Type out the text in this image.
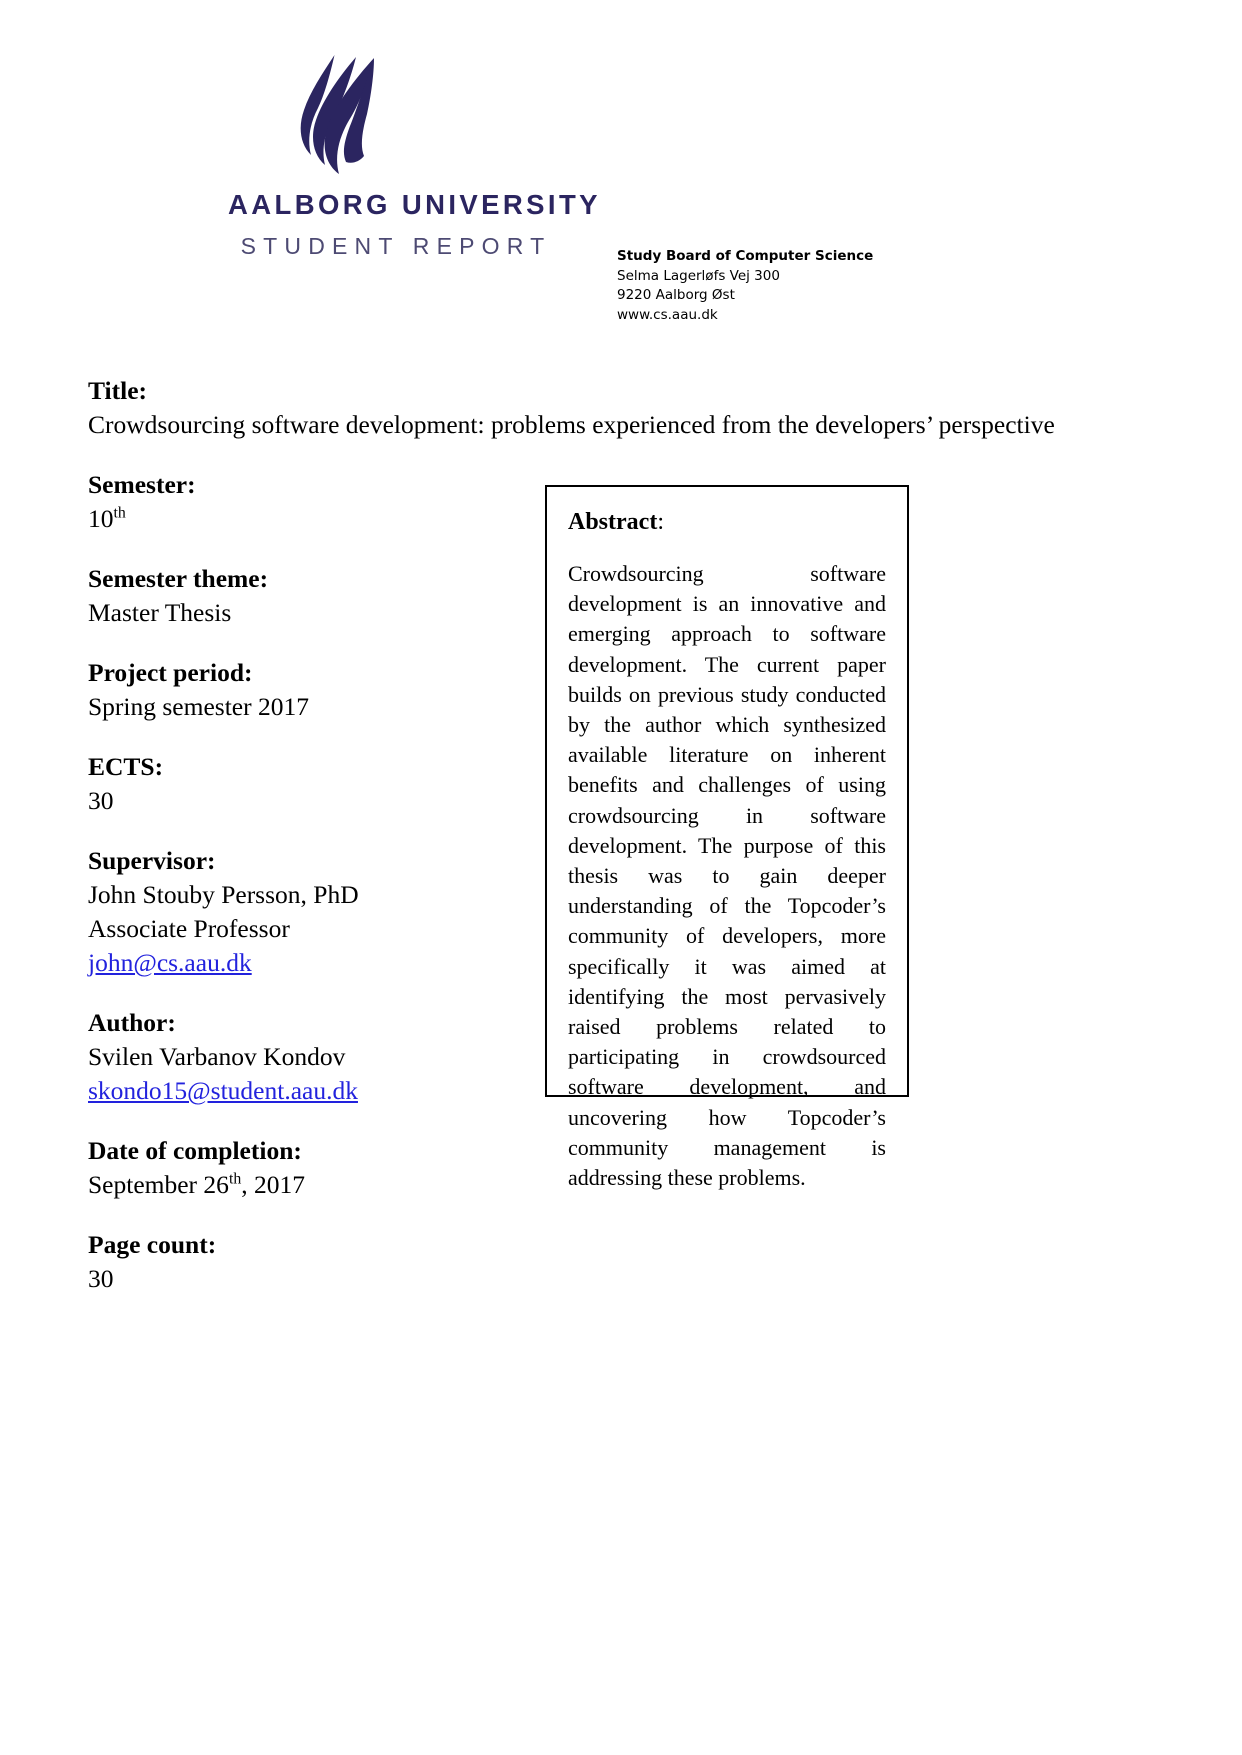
AALBORG UNIVERSITY
STUDENT REPORT	Study Board of Computer Science
Selma Lagerløfs Vej 300
9220 Aalborg Øst
www.cs.aau.dk
Title:
Crowdsourcing software development: problems experienced from the developers’ perspective
Semester:
10th
Semester theme:
Master Thesis
Project period:
Spring semester 2017
ECTS:
30
Supervisor:
John Stouby Persson, PhD
Associate Professor
john@cs.aau.dk
Author:
Svilen Varbanov Kondov
skondo15@student.aau.dk
Date of completion:
September 26th, 2017
Page count:
30
Abstract:
Crowdsourcing software development is an innovative and emerging approach to software development. The current paper builds on previous study conducted by the author which synthesized available literature on inherent benefits and challenges of using crowdsourcing in software development. The purpose of this thesis was to gain deeper understanding of the Topcoder’s community of developers, more specifically it was aimed at identifying the most pervasively raised problems related to participating in crowdsourced software development, and uncovering how Topcoder’s community management is addressing these problems.
